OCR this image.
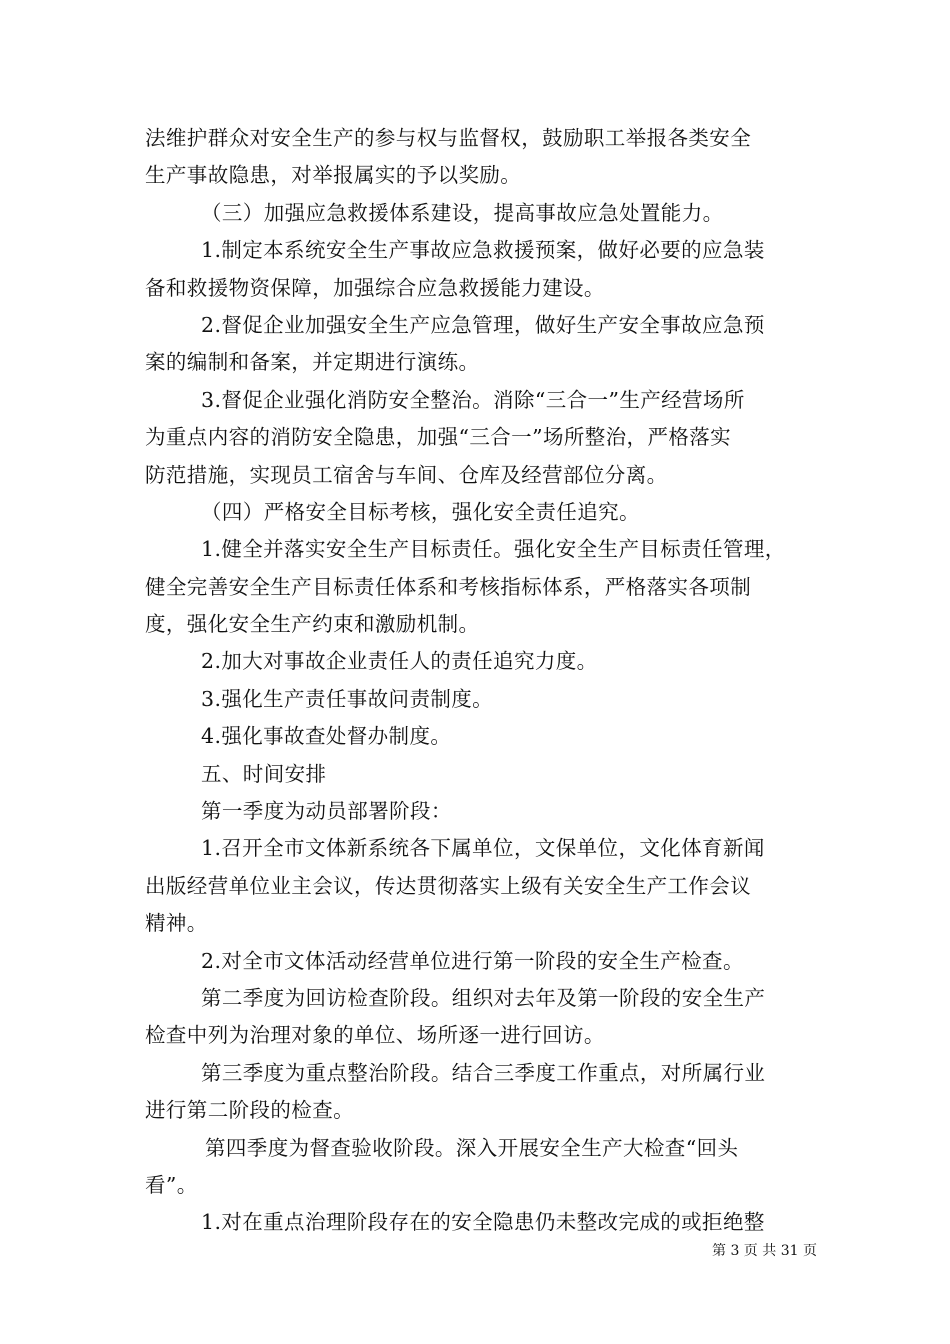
法维护群众对安全生产的参与权与监督权，鼓励职工举报各类安全
生产事故隐患，对举报属实的予以奖励。
（三）加强应急救援体系建设，提高事故应急处置能力。
1.制定本系统安全生产事故应急救援预案，做好必要的应急装
备和救援物资保障，加强综合应急救援能力建设。
2.督促企业加强安全生产应急管理，做好生产安全事故应急预
案的编制和备案，并定期进行演练。
3.督促企业强化消防安全整治。消除“三合一”生产经营场所
为重点内容的消防安全隐患，加强“三合一”场所整治，严格落实
防范措施，实现员工宿舍与车间、仓库及经营部位分离。
（四）严格安全目标考核，强化安全责任追究。
1.健全并落实安全生产目标责任。强化安全生产目标责任管理，
健全完善安全生产目标责任体系和考核指标体系，严格落实各项制
度，强化安全生产约束和激励机制。
2.加大对事故企业责任人的责任追究力度。
3.强化生产责任事故问责制度。
4.强化事故查处督办制度。
五、时间安排
第一季度为动员部署阶段：
1.召开全市文体新系统各下属单位，文保单位，文化体育新闻
出版经营单位业主会议，传达贯彻落实上级有关安全生产工作会议
精神。
2.对全市文体活动经营单位进行第一阶段的安全生产检查。
第二季度为回访检查阶段。组织对去年及第一阶段的安全生产
检查中列为治理对象的单位、场所逐一进行回访。
第三季度为重点整治阶段。结合三季度工作重点，对所属行业
进行第二阶段的检查。
第四季度为督查验收阶段。深入开展安全生产大检查“回头
看”。
1.对在重点治理阶段存在的安全隐患仍未整改完成的或拒绝整
第 3 页 共 31 页
